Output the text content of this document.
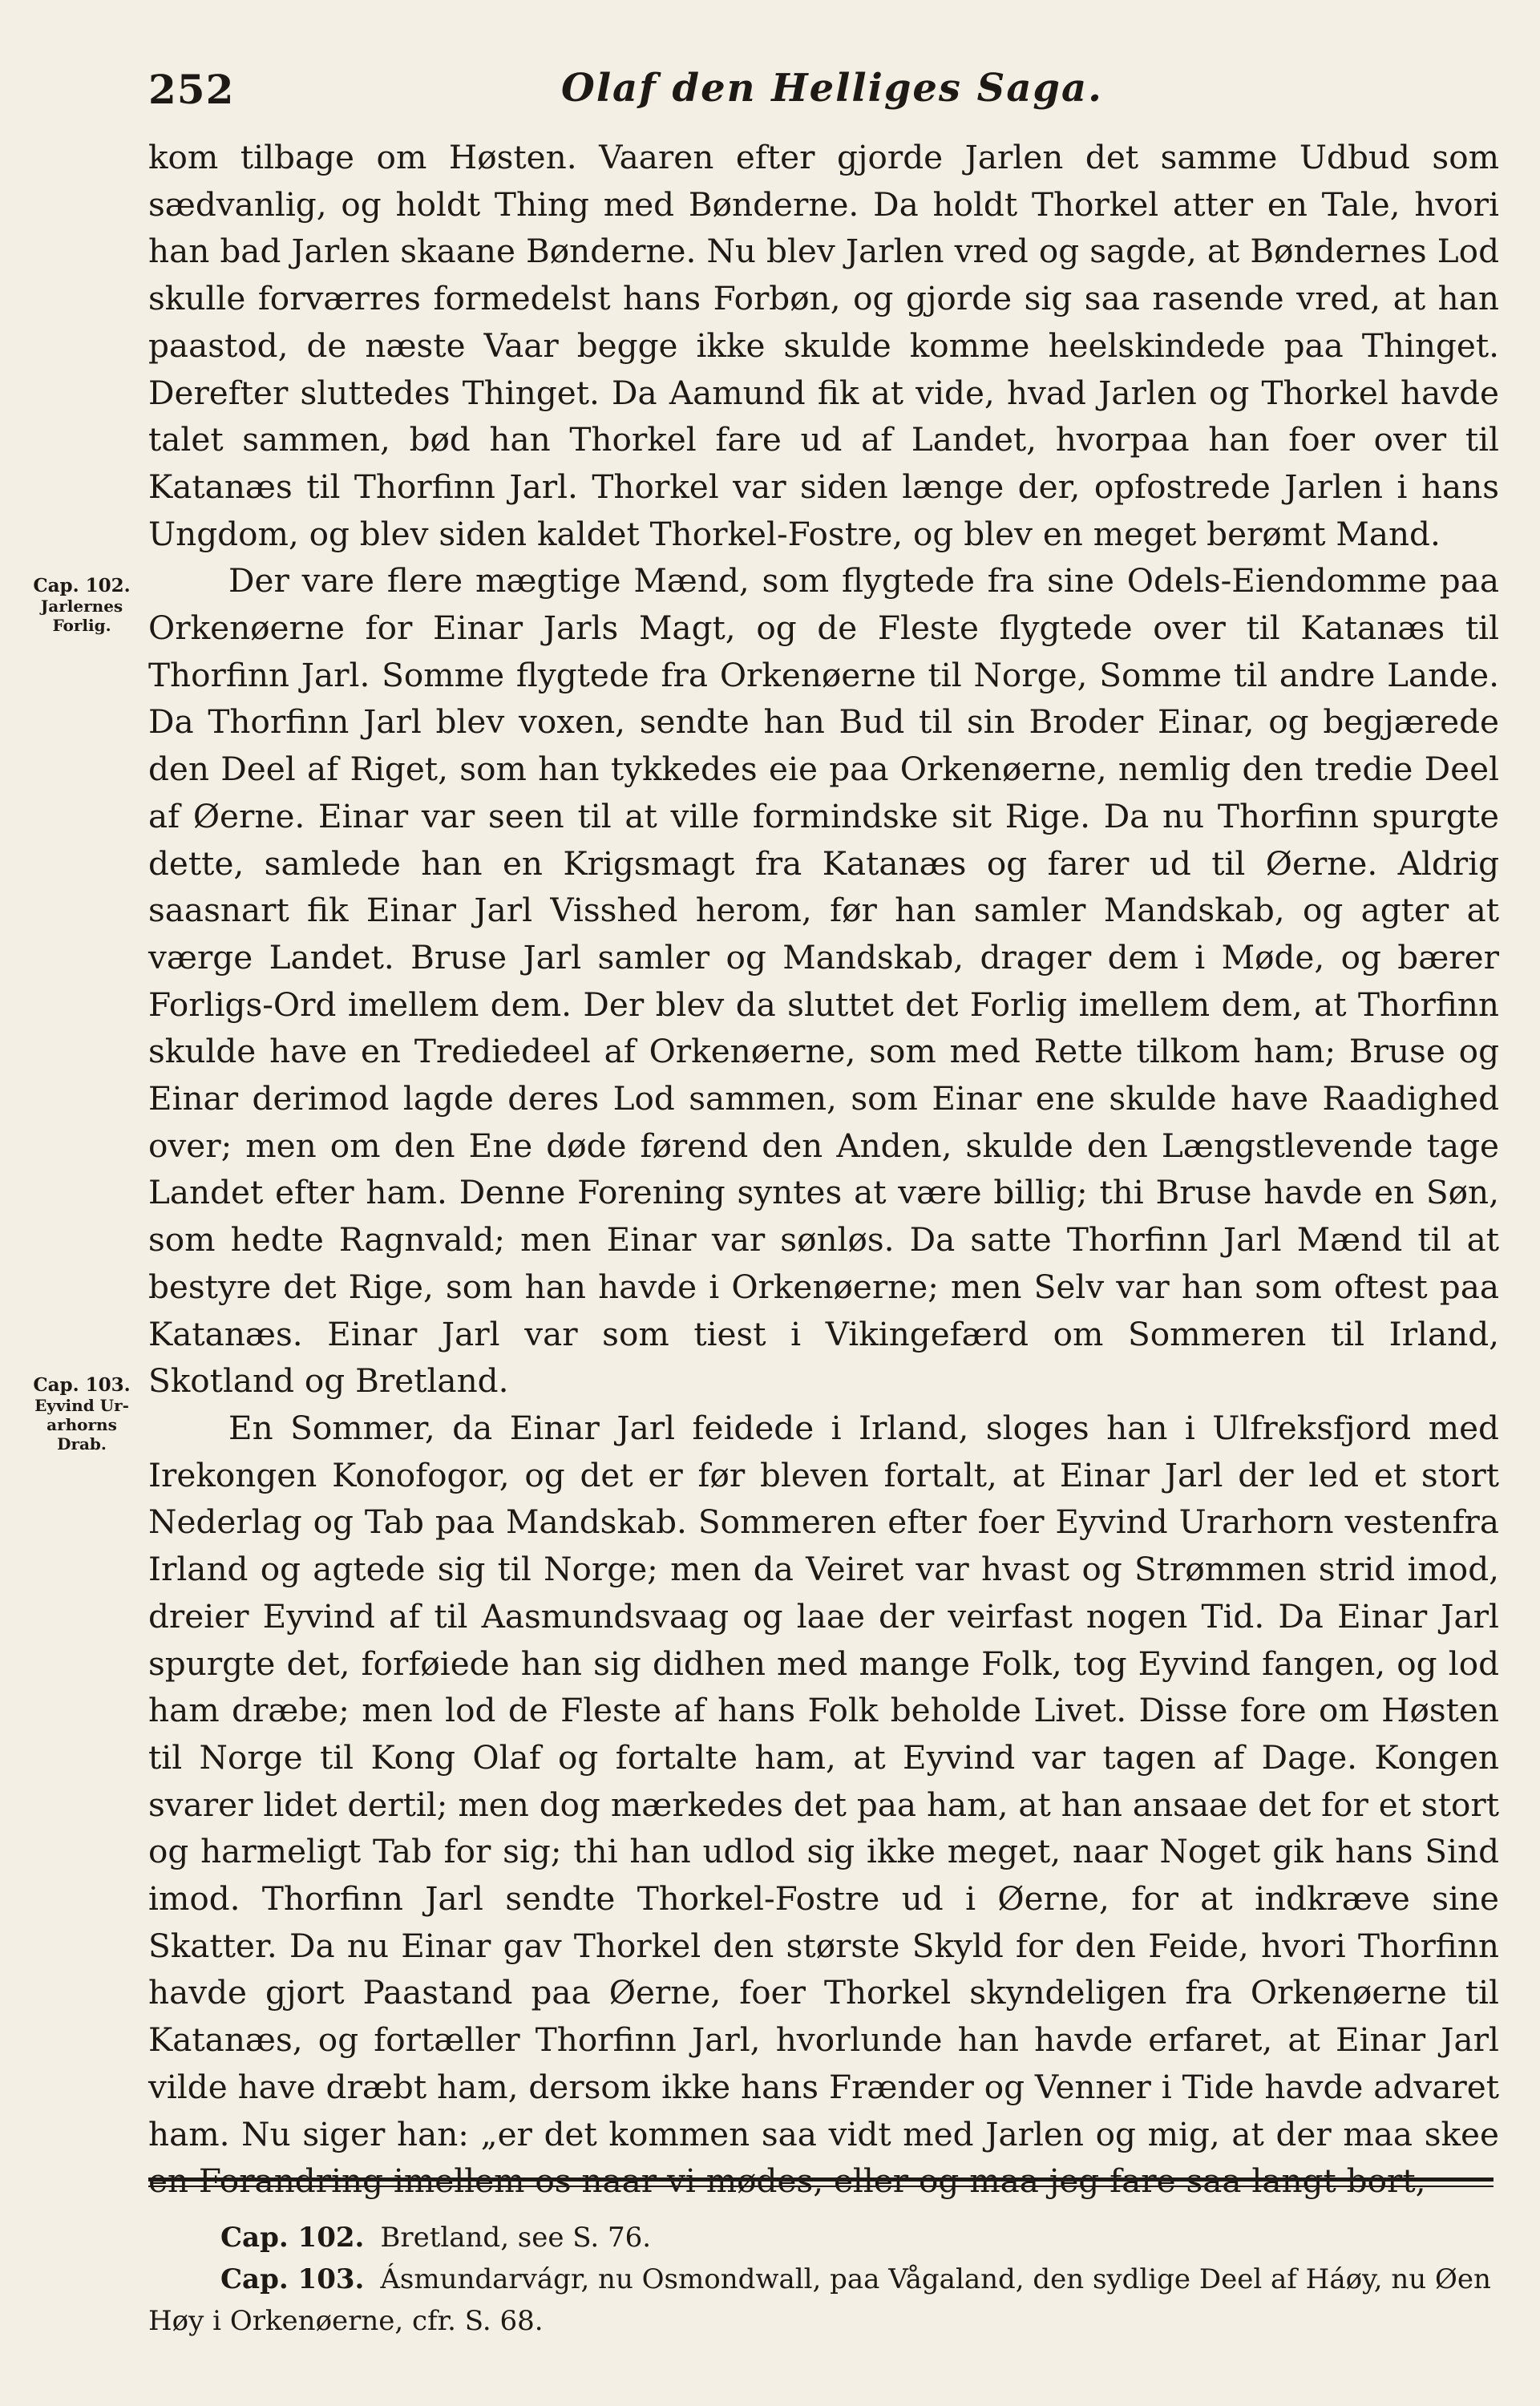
252	Olaf den Helliges Saga.
Cap. 102.
Jarlernes
Forlig.
Cap. 103.
Eyvind Ur-
arhorns
Drab.

kom tilbage om Høsten. Vaaren efter gjorde Jarlen det samme Udbud som sædvanlig, og holdt Thing med Bønderne. Da holdt Thorkel atter en Tale, hvori han bad Jarlen skaane Bønderne. Nu blev Jarlen vred og sagde, at Bøndernes Lod skulle forværres formedelst hans Forbøn, og gjorde sig saa rasende vred, at han paastod, de næste Vaar begge ikke skulde komme heelskindede paa Thinget. Derefter sluttedes Thinget. Da Aamund fik at vide, hvad Jarlen og Thorkel havde talet sammen, bød han Thorkel fare ud af Landet, hvorpaa han foer over til Katanæs til Thorfinn Jarl. Thorkel var siden længe der, opfostrede Jarlen i hans Ungdom, og blev siden kaldet Thorkel-Fostre, og blev en meget berømt Mand.

Der vare flere mægtige Mænd, som flygtede fra sine Odels-Eiendomme paa Orkenøerne for Einar Jarls Magt, og de Fleste flygtede over til Katanæs til Thorfinn Jarl. Somme flygtede fra Orkenøerne til Norge, Somme til andre Lande. Da Thorfinn Jarl blev voxen, sendte han Bud til sin Broder Einar, og begjærede den Deel af Riget, som han tykkedes eie paa Orkenøerne, nemlig den tredie Deel af Øerne. Einar var seen til at ville formindske sit Rige. Da nu Thorfinn spurgte dette, samlede han en Krigsmagt fra Katanæs og farer ud til Øerne. Aldrig saasnart fik Einar Jarl Visshed herom, før han samler Mandskab, og agter at værge Landet. Bruse Jarl samler og Mandskab, drager dem i Møde, og bærer Forligs-Ord imellem dem. Der blev da sluttet det Forlig imellem dem, at Thorfinn skulde have en Trediedeel af Orkenøerne, som med Rette tilkom ham; Bruse og Einar derimod lagde deres Lod sammen, som Einar ene skulde have Raadighed over; men om den Ene døde førend den Anden, skulde den Længstlevende tage Landet efter ham. Denne Forening syntes at være billig; thi Bruse havde en Søn, som hedte Ragnvald; men Einar var sønløs. Da satte Thorfinn Jarl Mænd til at bestyre det Rige, som han havde i Orkenøerne; men Selv var han som oftest paa Katanæs. Einar Jarl var som tiest i Vikingefærd om Sommeren til Irland, Skotland og Bretland.

En Sommer, da Einar Jarl feidede i Irland, sloges han i Ulfreksfjord med Irekongen Konofogor, og det er før bleven fortalt, at Einar Jarl der led et stort Nederlag og Tab paa Mandskab. Sommeren efter foer Eyvind Urarhorn vestenfra Irland og agtede sig til Norge; men da Veiret var hvast og Strømmen strid imod, dreier Eyvind af til Aasmundsvaag og laae der veirfast nogen Tid. Da Einar Jarl spurgte det, forføiede han sig didhen med mange Folk, tog Eyvind fangen, og lod ham dræbe; men lod de Fleste af hans Folk beholde Livet. Disse fore om Høsten til Norge til Kong Olaf og fortalte ham, at Eyvind var tagen af Dage. Kongen svarer lidet dertil; men dog mærkedes det paa ham, at han ansaae det for et stort og harmeligt Tab for sig; thi han udlod sig ikke meget, naar Noget gik hans Sind imod. Thorfinn Jarl sendte Thorkel-Fostre ud i Øerne, for at indkræve sine Skatter. Da nu Einar gav Thorkel den største Skyld for den Feide, hvori Thorfinn havde gjort Paastand paa Øerne, foer Thorkel skyndeligen fra Orkenøerne til Katanæs, og fortæller Thorfinn Jarl, hvorlunde han havde erfaret, at Einar Jarl vilde have dræbt ham, dersom ikke hans Frænder og Venner i Tide havde advaret ham. Nu siger han: „er det kommen saa vidt med Jarlen og mig, at der maa skee

Cap. 102. Bretland, see S. 76.

Cap. 103. Ásmundarvágr, nu Osmondwall, paa Vågaland, den sydlige Deel af Háøy, nu Øen Høy i Orkenøerne, cfr. S. 68.
